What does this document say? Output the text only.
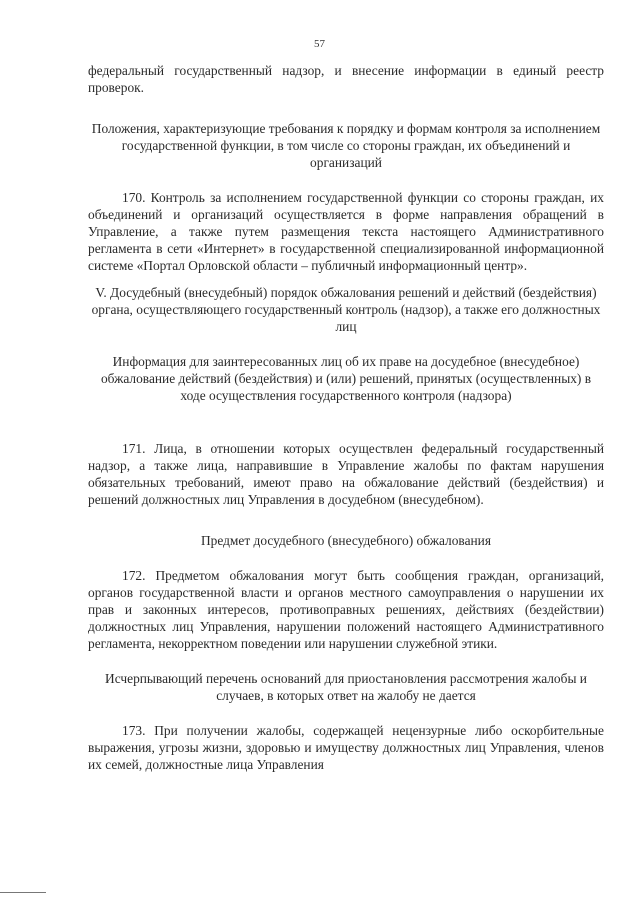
57

федеральный государственный надзор, и внесение информации в единый реестр проверок.

Положения, характеризующие требования к порядку и формам контроля за исполнением государственной функции, в том числе со стороны граждан, их объединений и организаций

170. Контроль за исполнением государственной функции со стороны граждан, их объединений и организаций осуществляется в форме направления обращений в Управление, а также путем размещения текста настоящего Административного регламента в сети «Интернет» в государственной специализированной информационной системе «Портал Орловской области – публичный информационный центр».

V. Досудебный (внесудебный) порядок обжалования решений и действий (бездействия) органа, осуществляющего государственный контроль (надзор), а также его должностных лиц

Информация для заинтересованных лиц об их праве на досудебное (внесудебное) обжалование действий (бездействия) и (или) решений, принятых (осуществленных) в ходе осуществления государственного контроля (надзора)

171. Лица, в отношении которых осуществлен федеральный государственный надзор, а также лица, направившие в Управление жалобы по фактам нарушения обязательных требований, имеют право на обжалование действий (бездействия) и решений должностных лиц Управления в досудебном (внесудебном).

Предмет досудебного (внесудебного) обжалования

172. Предметом обжалования могут быть сообщения граждан, организаций, органов государственной власти и органов местного самоуправления о нарушении их прав и законных интересов, противоправных решениях, действиях (бездействии) должностных лиц Управления, нарушении положений настоящего Административного регламента, некорректном поведении или нарушении служебной этики.

Исчерпывающий перечень оснований для приостановления рассмотрения жалобы и случаев, в которых ответ на жалобу не дается

173. При получении жалобы, содержащей нецензурные либо оскорбительные выражения, угрозы жизни, здоровью и имуществу должностных лиц Управления, членов их семей, должностные лица Управления
